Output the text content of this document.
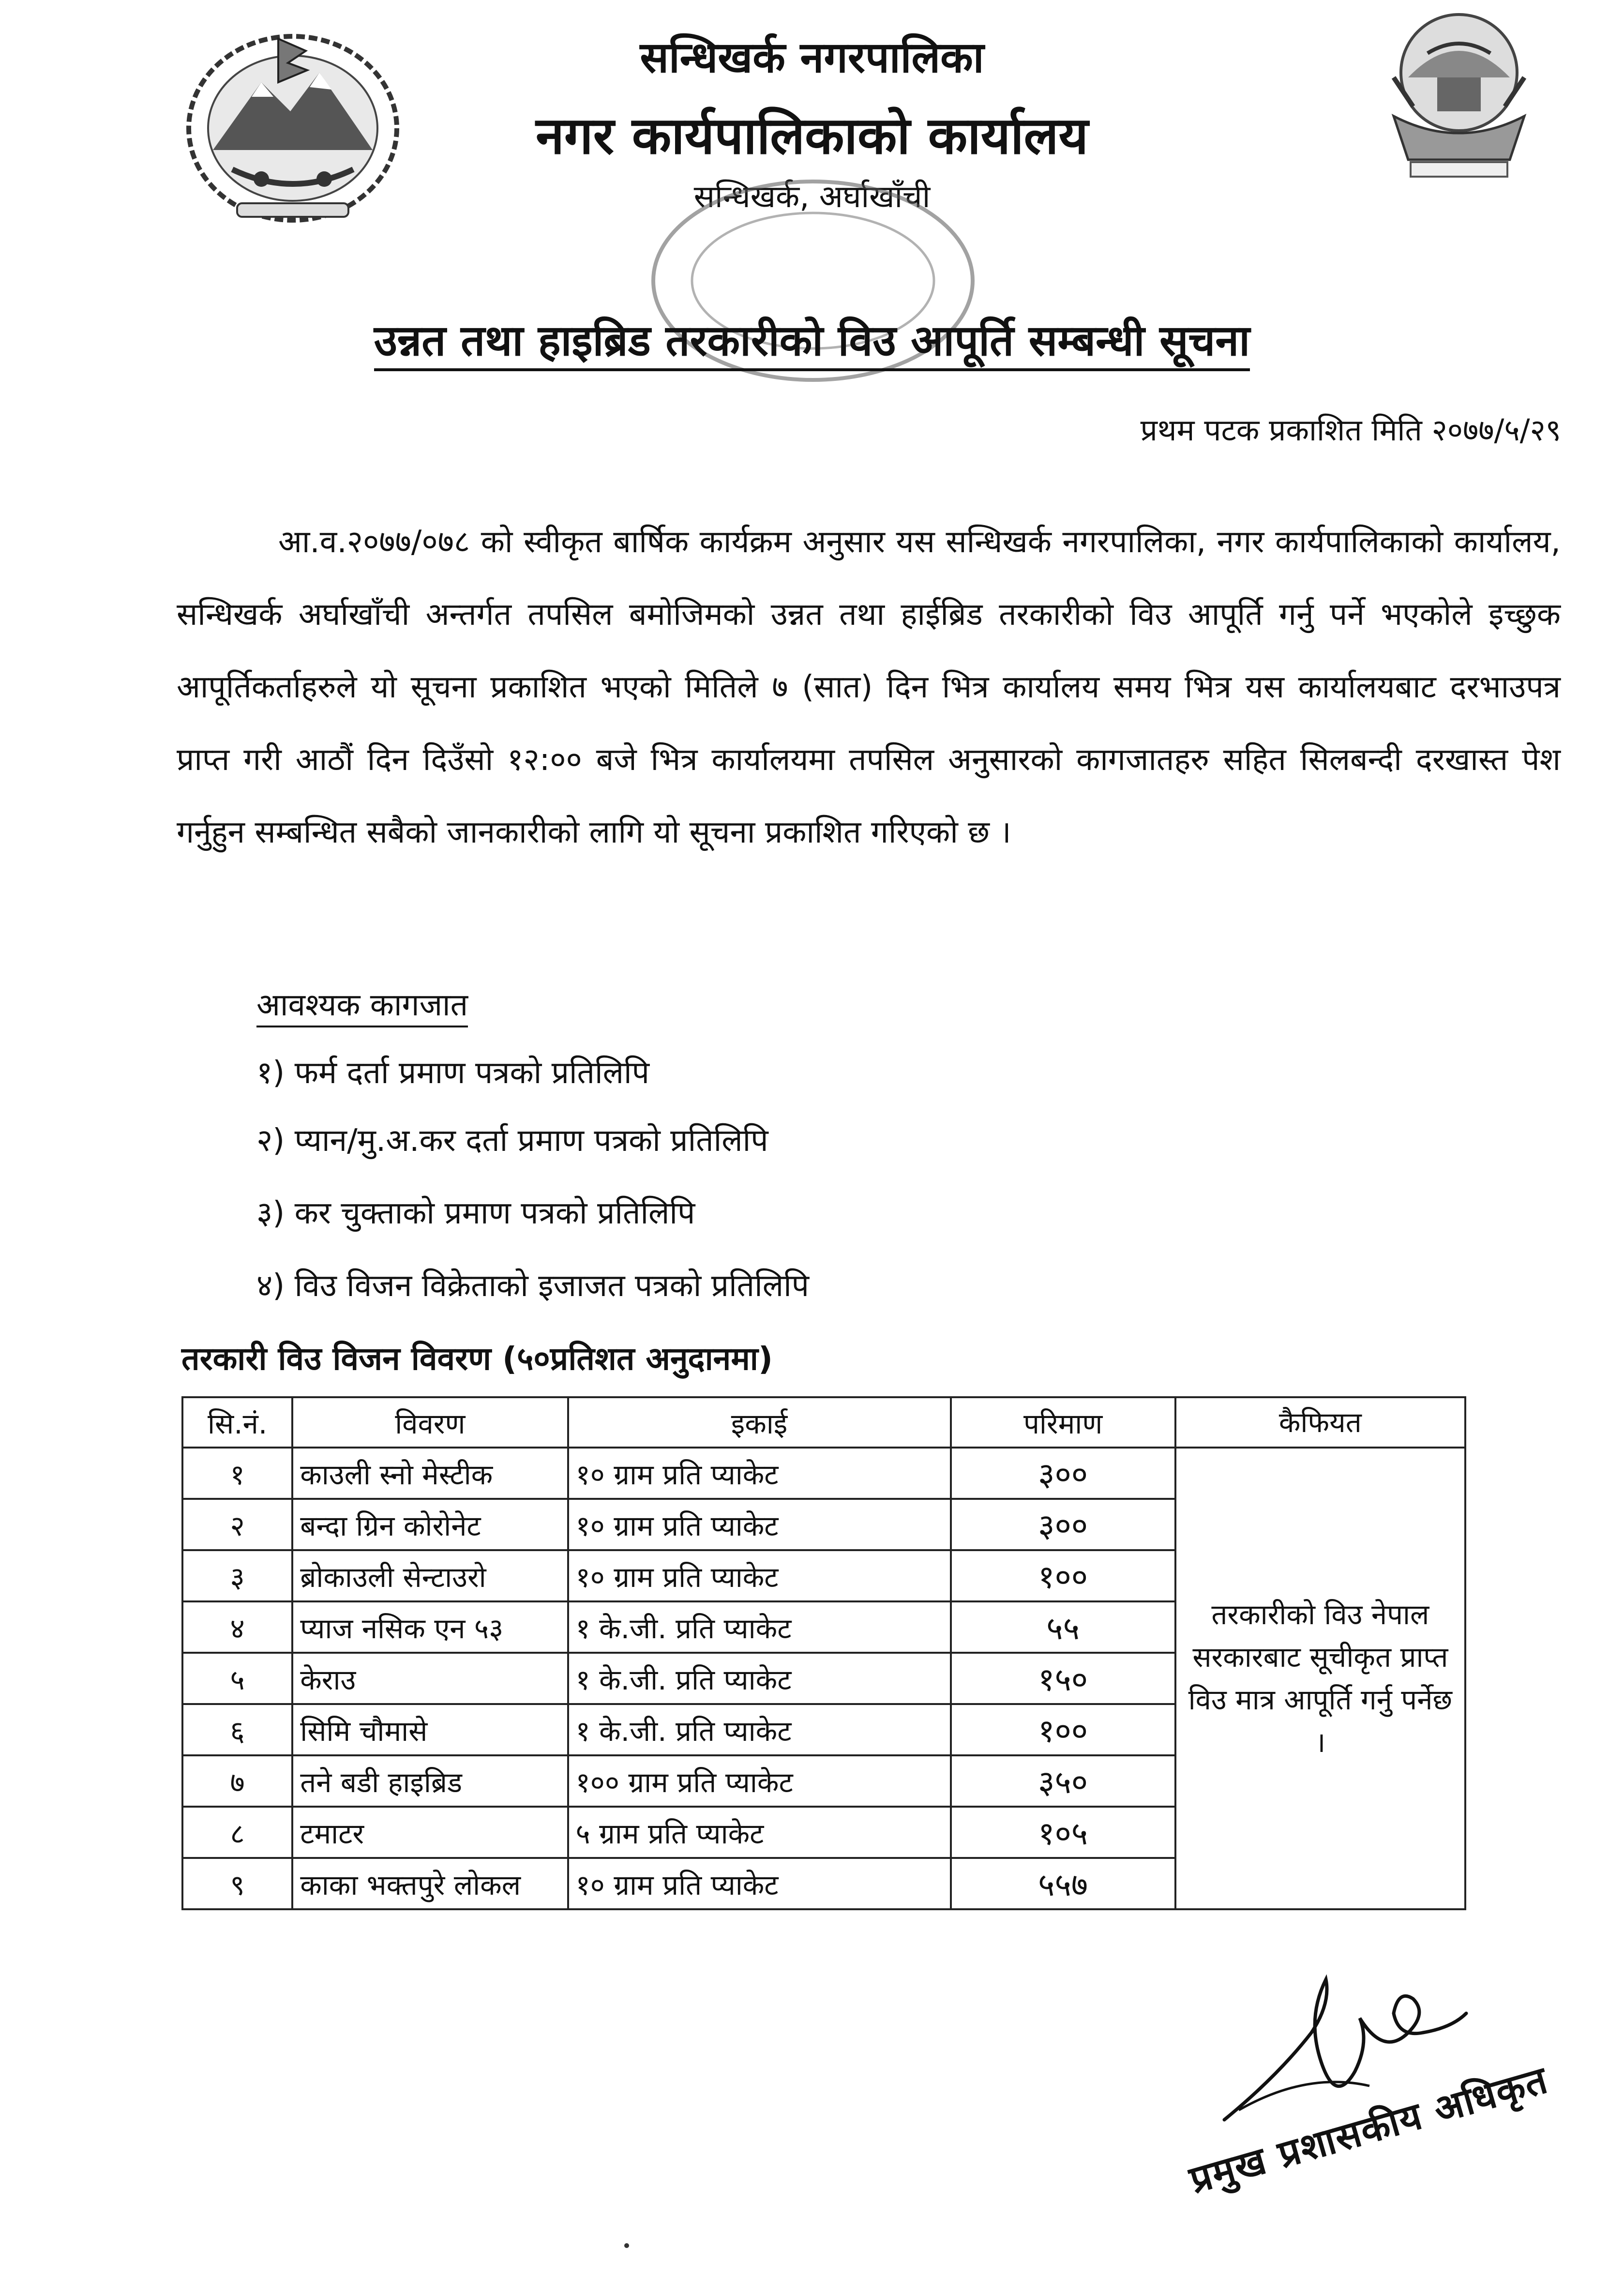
सन्धिखर्क नगरपालिका
नगर कार्यपालिकाको कार्यालय
सन्धिखर्क, अर्घाखाँची
उन्नत तथा हाइब्रिड तरकारीको विउ आपूर्ति सम्बन्धी सूचना
प्रथम पटक प्रकाशित मिति २०७७/५/२९

आ.व.२०७७/०७८ को स्वीकृत बार्षिक कार्यक्रम अनुसार यस सन्धिखर्क नगरपालिका, नगर कार्यपालिकाको कार्यालय, सन्धिखर्क अर्घाखाँची अन्तर्गत तपसिल बमोजिमको उन्नत तथा हाईब्रिड तरकारीको विउ आपूर्ति गर्नु पर्ने भएकोले इच्छुक आपूर्तिकर्ताहरुले यो सूचना प्रकाशित भएको मितिले ७ (सात) दिन भित्र कार्यालय समय भित्र यस कार्यालयबाट दरभाउपत्र प्राप्त गरी आठौं दिन दिउँसो १२:०० बजे भित्र कार्यालयमा तपसिल अनुसारको कागजातहरु सहित सिलबन्दी दरखास्त पेश गर्नुहुन सम्बन्धित सबैको जानकारीको लागि यो सूचना प्रकाशित गरिएको छ ।

आवश्यक कागजात
१) फर्म दर्ता प्रमाण पत्रको प्रतिलिपि
२) प्यान/मु.अ.कर दर्ता प्रमाण पत्रको प्रतिलिपि
३) कर चुक्ताको प्रमाण पत्रको प्रतिलिपि
४) विउ विजन विक्रेताको इजाजत पत्रको प्रतिलिपि
तरकारी विउ विजन विवरण (५०प्रतिशत अनुदानमा)
सि.नं.	विवरण	इकाई	परिमाण	कैफियत
१	काउली स्नो मेस्टीक	१० ग्राम प्रति प्याकेट	३००	तरकारीको विउ नेपाल सरकारबाट सूचीकृत प्राप्त विउ मात्र आपूर्ति गर्नु पर्नेछ ।
२	बन्दा ग्रिन कोरोनेट	१० ग्राम प्रति प्याकेट	३००	
३	ब्रोकाउली सेन्टाउरो	१० ग्राम प्रति प्याकेट	१००	
४	प्याज नसिक एन ५३	१ के.जी. प्रति प्याकेट	५५	
५	केराउ	१ के.जी. प्रति प्याकेट	१५०	
६	सिमि चौमासे	१ के.जी. प्रति प्याकेट	१००	
७	तने बडी हाइब्रिड	१०० ग्राम प्रति प्याकेट	३५०	
८	टमाटर	५ ग्राम प्रति प्याकेट	१०५	
९	काका भक्तपुरे लोकल	१० ग्राम प्रति प्याकेट	५५७	
प्रमुख प्रशासकीय अधिकृत
